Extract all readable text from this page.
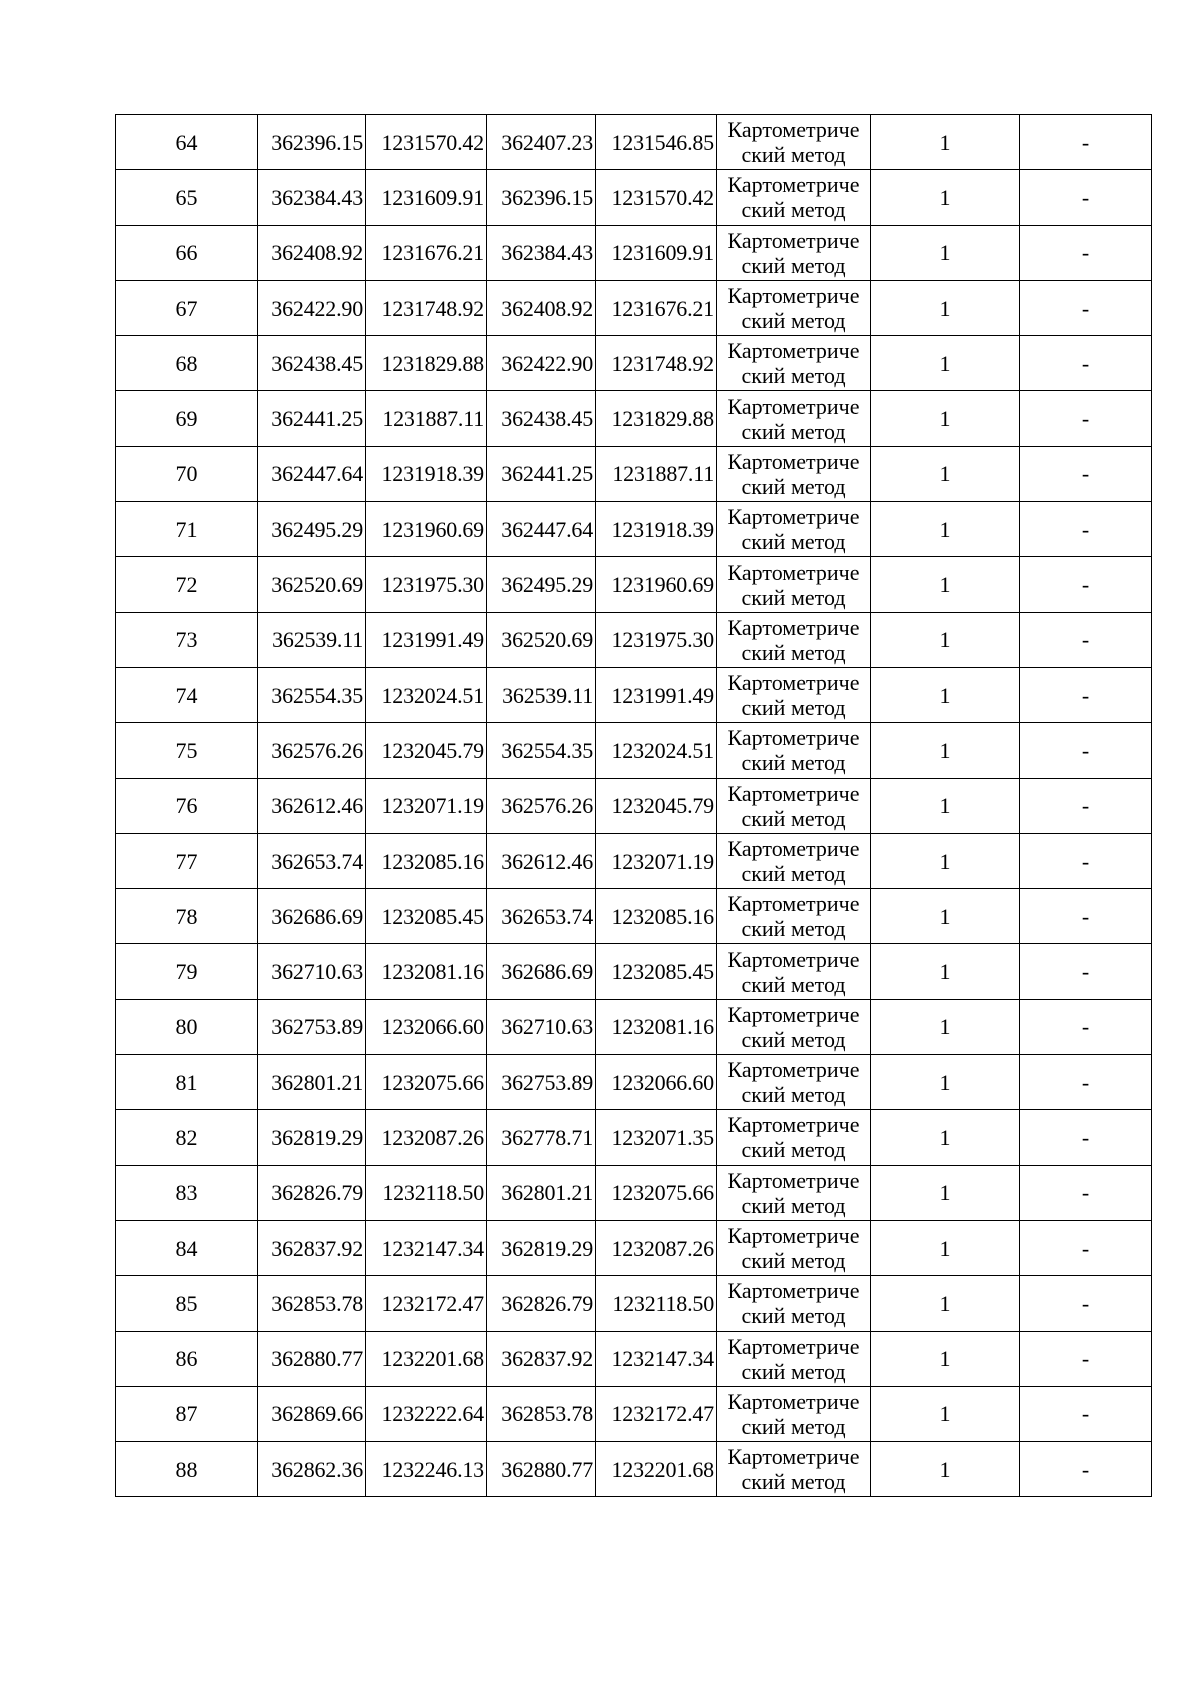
64	362396.15	1231570.42	362407.23	1231546.85	Картометриче
ский метод	1	-
65	362384.43	1231609.91	362396.15	1231570.42	Картометриче
ский метод	1	-
66	362408.92	1231676.21	362384.43	1231609.91	Картометриче
ский метод	1	-
67	362422.90	1231748.92	362408.92	1231676.21	Картометриче
ский метод	1	-
68	362438.45	1231829.88	362422.90	1231748.92	Картометриче
ский метод	1	-
69	362441.25	1231887.11	362438.45	1231829.88	Картометриче
ский метод	1	-
70	362447.64	1231918.39	362441.25	1231887.11	Картометриче
ский метод	1	-
71	362495.29	1231960.69	362447.64	1231918.39	Картометриче
ский метод	1	-
72	362520.69	1231975.30	362495.29	1231960.69	Картометриче
ский метод	1	-
73	362539.11	1231991.49	362520.69	1231975.30	Картометриче
ский метод	1	-
74	362554.35	1232024.51	362539.11	1231991.49	Картометриче
ский метод	1	-
75	362576.26	1232045.79	362554.35	1232024.51	Картометриче
ский метод	1	-
76	362612.46	1232071.19	362576.26	1232045.79	Картометриче
ский метод	1	-
77	362653.74	1232085.16	362612.46	1232071.19	Картометриче
ский метод	1	-
78	362686.69	1232085.45	362653.74	1232085.16	Картометриче
ский метод	1	-
79	362710.63	1232081.16	362686.69	1232085.45	Картометриче
ский метод	1	-
80	362753.89	1232066.60	362710.63	1232081.16	Картометриче
ский метод	1	-
81	362801.21	1232075.66	362753.89	1232066.60	Картометриче
ский метод	1	-
82	362819.29	1232087.26	362778.71	1232071.35	Картометриче
ский метод	1	-
83	362826.79	1232118.50	362801.21	1232075.66	Картометриче
ский метод	1	-
84	362837.92	1232147.34	362819.29	1232087.26	Картометриче
ский метод	1	-
85	362853.78	1232172.47	362826.79	1232118.50	Картометриче
ский метод	1	-
86	362880.77	1232201.68	362837.92	1232147.34	Картометриче
ский метод	1	-
87	362869.66	1232222.64	362853.78	1232172.47	Картометриче
ский метод	1	-
88	362862.36	1232246.13	362880.77	1232201.68	Картометриче
ский метод	1	-
